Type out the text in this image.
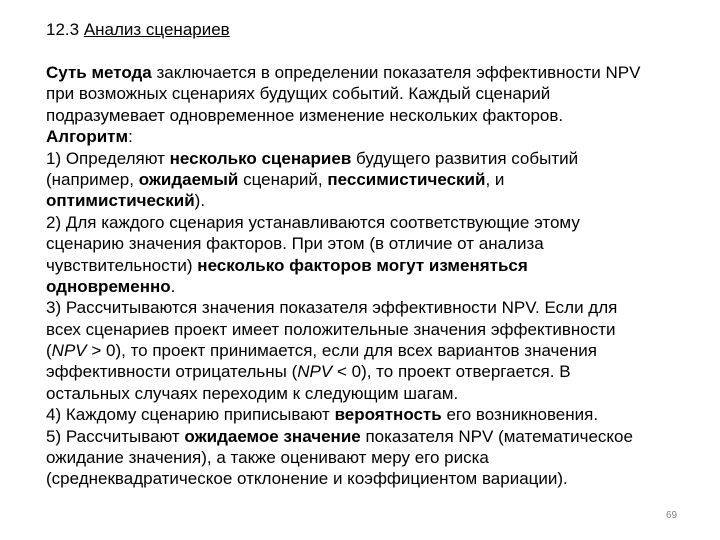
12.3 Анализ сценариев
Суть метода заключается в определении показателя эффективности NPV
при возможных сценариях будущих событий. Каждый сценарий
подразумевает одновременное изменение нескольких факторов.
Алгоритм:
1) Определяют несколько сценариев будущего развития событий
(например, ожидаемый сценарий, пессимистический, и
оптимистический).
2) Для каждого сценария устанавливаются соответствующие этому
сценарию значения факторов. При этом (в отличие от анализа
чувствительности) несколько факторов могут изменяться
одновременно.
3) Рассчитываются значения показателя эффективности NPV. Если для
всех сценариев проект имеет положительные значения эффективности
(NPV > 0), то проект принимается, если для всех вариантов значения
эффективности отрицательны (NPV < 0), то проект отвергается. В
остальных случаях переходим к следующим шагам.
4) Каждому сценарию приписывают вероятность его возникновения.
5) Рассчитывают ожидаемое значение показателя NPV (математическое
ожидание значения), а также оценивают меру его риска
(среднеквадратическое отклонение и коэффициентом вариации).
69
